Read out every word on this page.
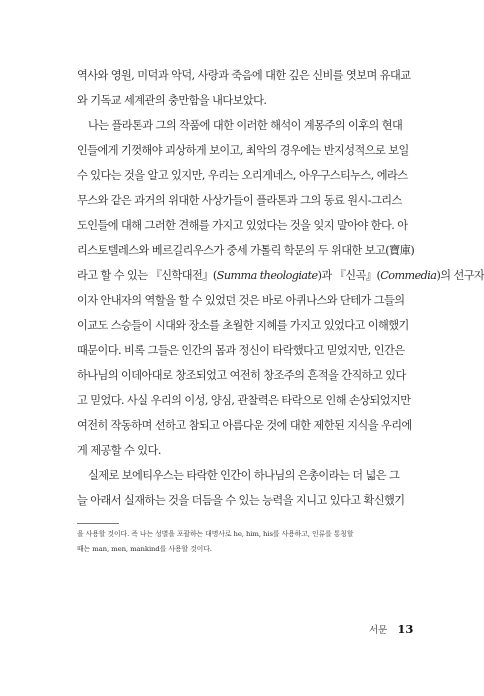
역사와 영원, 미덕과 악덕, 사랑과 죽음에 대한 깊은 신비를 엿보며 유대교
와 기독교 세계관의 충만함을 내다보았다.
나는 플라톤과 그의 작품에 대한 이러한 해석이 계몽주의 이후의 현대
인들에게 기껏해야 괴상하게 보이고, 최악의 경우에는 반지성적으로 보일
수 있다는 것을 알고 있지만, 우리는 오리게네스, 아우구스티누스, 에라스
무스와 같은 과거의 위대한 사상가들이 플라톤과 그의 동료 원시-그리스
도인들에 대해 그러한 견해를 가지고 있었다는 것을 잊지 말아야 한다. 아
리스토텔레스와 베르길리우스가 중세 가톨릭 학문의 두 위대한 보고(寶庫)
라고 할 수 있는 『신학대전』(Summa theologiate)과 『신곡』(Commedia)의 선구자
이자 안내자의 역할을 할 수 있었던 것은 바로 아퀴나스와 단테가 그들의
이교도 스승들이 시대와 장소를 초월한 지혜를 가지고 있었다고 이해했기
때문이다. 비록 그들은 인간의 몸과 정신이 타락했다고 믿었지만, 인간은
하나님의 이데아대로 창조되었고 여전히 창조주의 흔적을 간직하고 있다
고 믿었다. 사실 우리의 이성, 양심, 관찰력은 타락으로 인해 손상되었지만
여전히 작동하며 선하고 참되고 아름다운 것에 대한 제한된 지식을 우리에
게 제공할 수 있다.
실제로 보에티우스는 타락한 인간이 하나님의 은총이라는 더 넓은 그
늘 아래서 실재하는 것을 더듬을 수 있는 능력을 지니고 있다고 확신했기
을 사용할 것이다. 즉 나는 성별을 포괄하는 대명사로 he, him, his를 사용하고, 인류를 통칭할
때는 man, men, mankind를 사용할 것이다.
서문 13
